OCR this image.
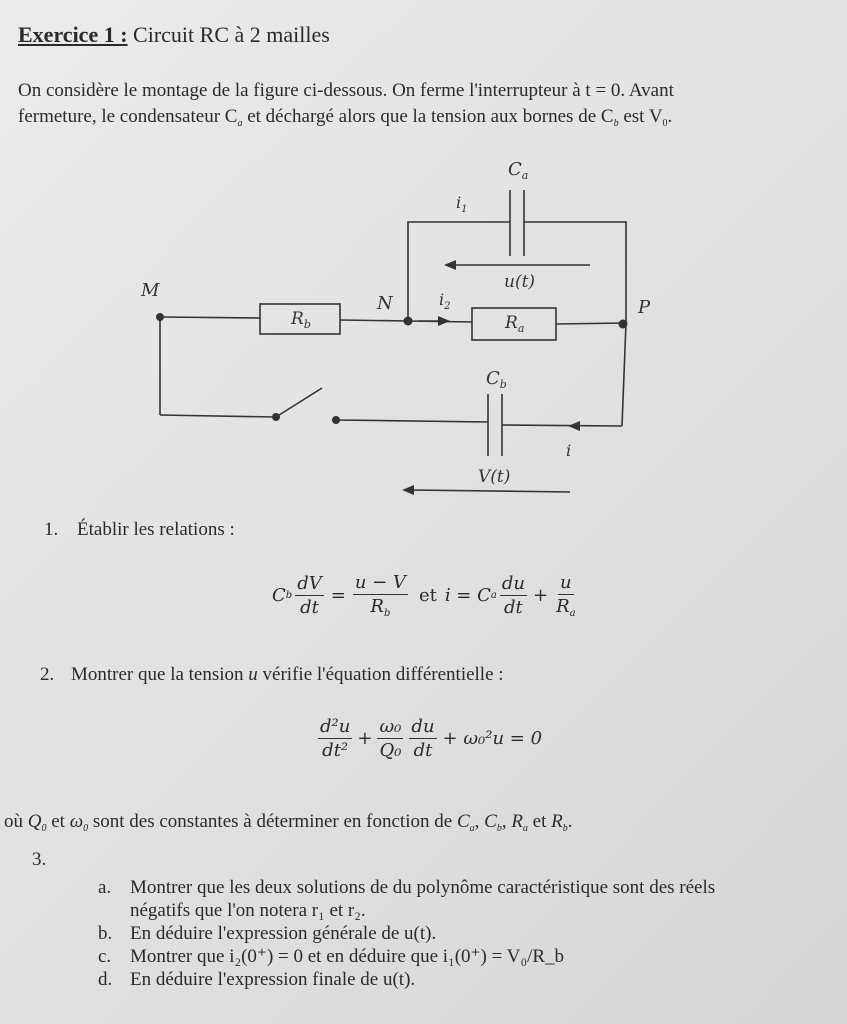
Exercice 1 : Circuit RC à 2 mailles
On considère le montage de la figure ci-dessous. On ferme l'interrupteur à t = 0. Avant
fermeture, le condensateur $C_a$ et déchargé alors que la tension aux bornes de $C_b$ est $V_0$.
$C_a$
$i_1$
u(t)
M
N	P
$R_b$	$R_a$
$i_2$
$C_b$
i
V(t)
1. Établir les relations :
C b $\frac{dV}{dt} = \frac{u - V}{R_b}$ et i = C a $\frac{du}{dt} + \frac{u}{R_a}$
2. Montrer que la tension u vérifie l'équation différentielle :
$\frac{\text{d²u}}{\text{dt²}} + \frac{\text{ω₀}}{\text{Q₀}} \frac{du}{dt} + \omega_0^2u = 0$
où $Q_0$ et $\omega_0$ sont des constantes à déterminer en fonction de $C_a$, $C_b$, $R_a$ et $R_b$.
3.
a. Montrer que les deux solutions de du polynôme caractéristique sont des réels
négatifs que l'on notera r₁ et r₂.
b. En déduire l'expression générale de u(t).
c. Montrer que i₂(0⁺) = 0 et en déduire que i₁(0⁺) = V₀/R_b
d. En déduire l'expression finale de u(t).
